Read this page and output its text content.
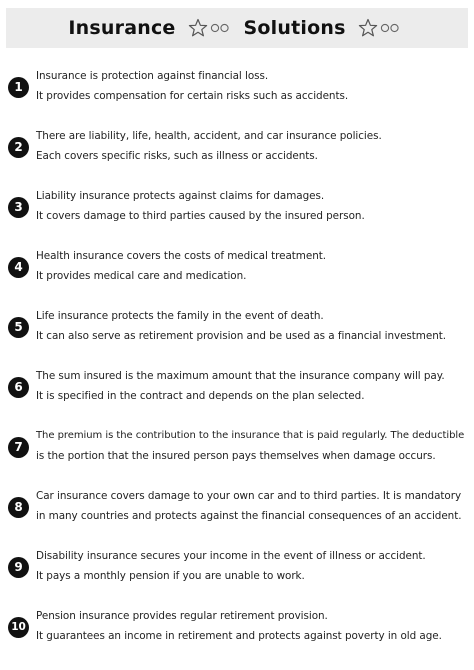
Insurance	Solutions
1
Insurance is protection against financial loss.
It provides compensation for certain risks such as accidents.
2
There are liability, life, health, accident, and car insurance policies.
Each covers specific risks, such as illness or accidents.
3
Liability insurance protects against claims for damages.
It covers damage to third parties caused by the insured person.
4
Health insurance covers the costs of medical treatment.
It provides medical care and medication.
5
Life insurance protects the family in the event of death.
It can also serve as retirement provision and be used as a financial investment.
6
The sum insured is the maximum amount that the insurance company will pay.
It is specified in the contract and depends on the plan selected.
7
The premium is the contribution to the insurance that is paid regularly. The deductible
is the portion that the insured person pays themselves when damage occurs.
8
Car insurance covers damage to your own car and to third parties. It is mandatory
in many countries and protects against the financial consequences of an accident.
9
Disability insurance secures your income in the event of illness or accident.
It pays a monthly pension if you are unable to work.
10
Pension insurance provides regular retirement provision.
It guarantees an income in retirement and protects against poverty in old age.
